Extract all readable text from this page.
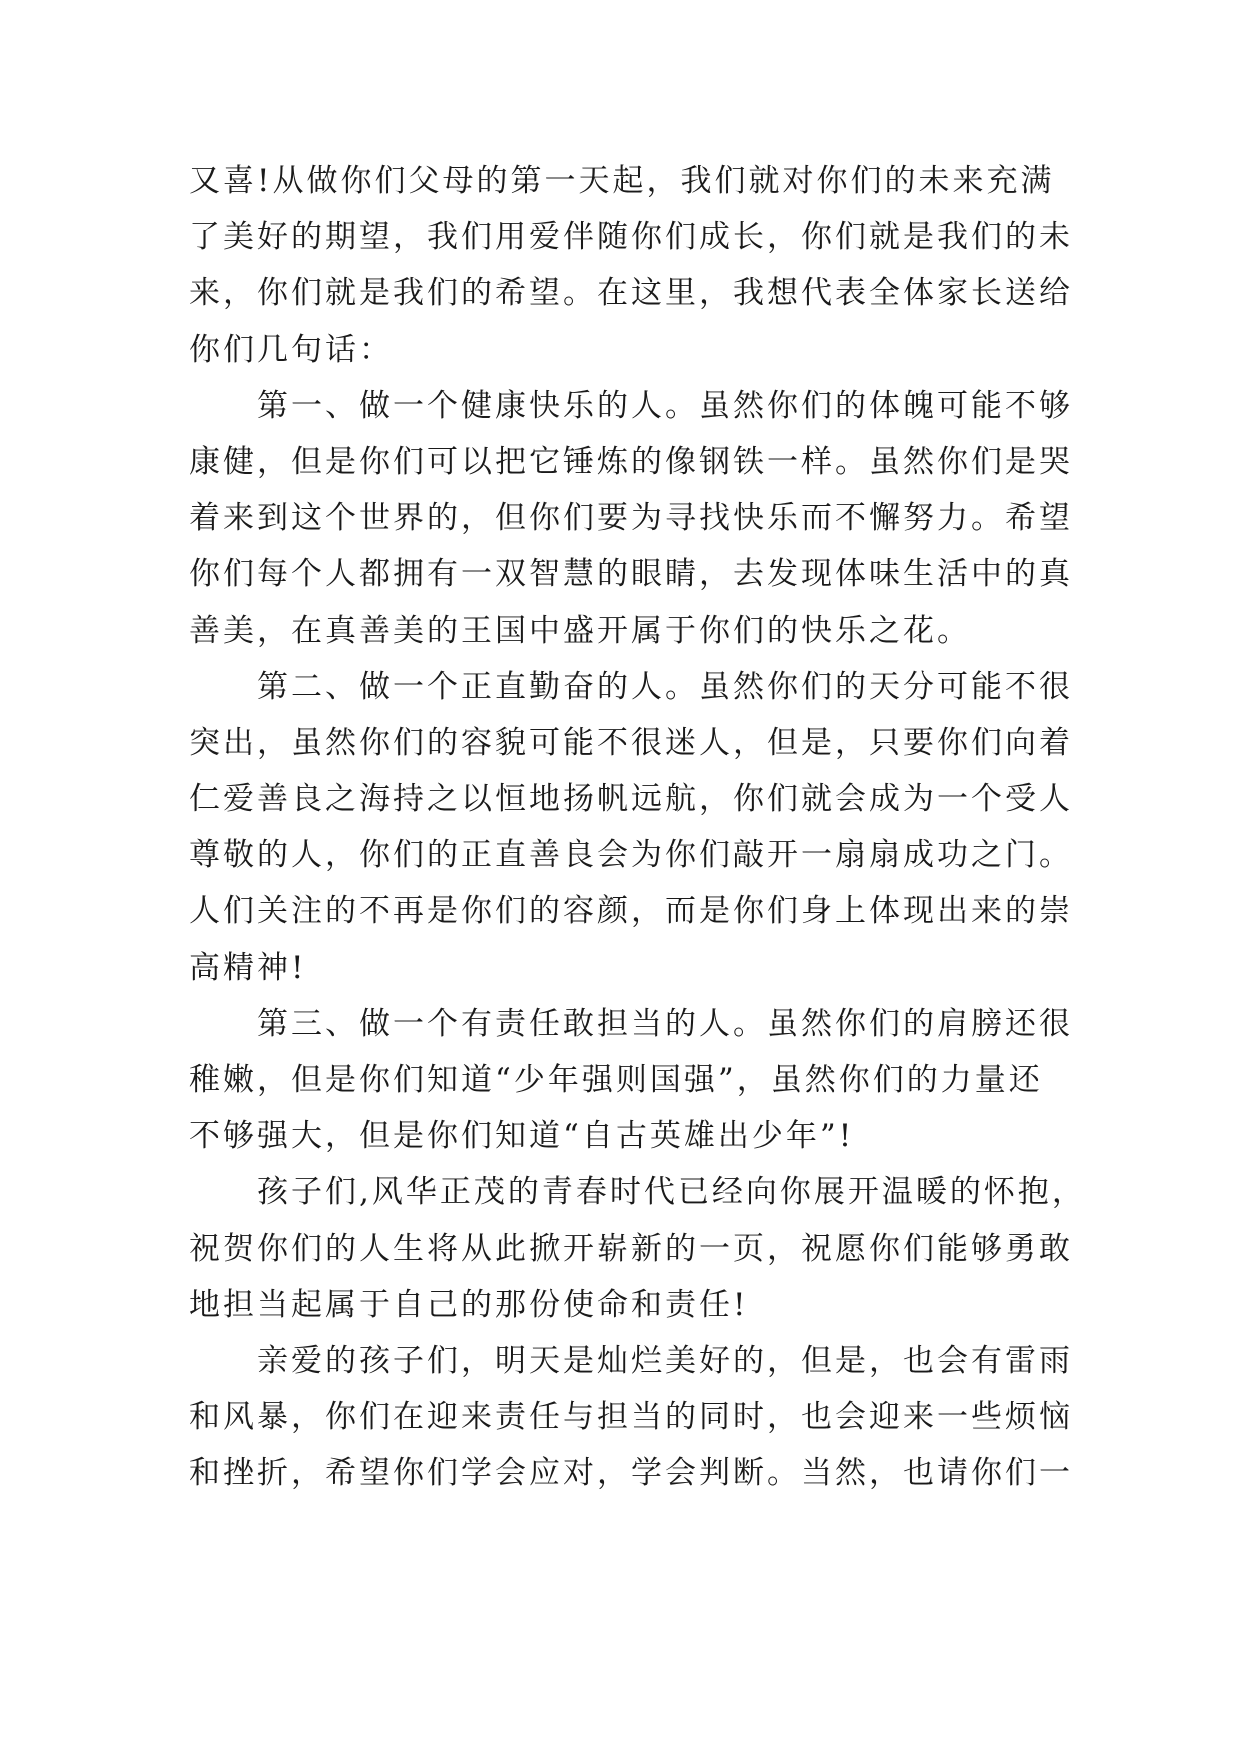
又喜!从做你们父母的第一天起，我们就对你们的未来充满
了美好的期望，我们用爱伴随你们成长，你们就是我们的未
来，你们就是我们的希望。在这里，我想代表全体家长送给
你们几句话：
　　第一、做一个健康快乐的人。虽然你们的体魄可能不够
康健，但是你们可以把它锤炼的像钢铁一样。虽然你们是哭
着来到这个世界的，但你们要为寻找快乐而不懈努力。希望
你们每个人都拥有一双智慧的眼睛，去发现体味生活中的真
善美，在真善美的王国中盛开属于你们的快乐之花。
　　第二、做一个正直勤奋的人。虽然你们的天分可能不很
突出，虽然你们的容貌可能不很迷人，但是，只要你们向着
仁爱善良之海持之以恒地扬帆远航，你们就会成为一个受人
尊敬的人，你们的正直善良会为你们敲开一扇扇成功之门。
人们关注的不再是你们的容颜，而是你们身上体现出来的崇
高精神!
　　第三、做一个有责任敢担当的人。虽然你们的肩膀还很
稚嫩，但是你们知道“少年强则国强”，虽然你们的力量还
不够强大，但是你们知道“自古英雄出少年”!
　　孩子们,风华正茂的青春时代已经向你展开温暖的怀抱，
祝贺你们的人生将从此掀开崭新的一页，祝愿你们能够勇敢
地担当起属于自己的那份使命和责任!
　　亲爱的孩子们，明天是灿烂美好的，但是，也会有雷雨
和风暴，你们在迎来责任与担当的同时，也会迎来一些烦恼
和挫折，希望你们学会应对，学会判断。当然，也请你们一
